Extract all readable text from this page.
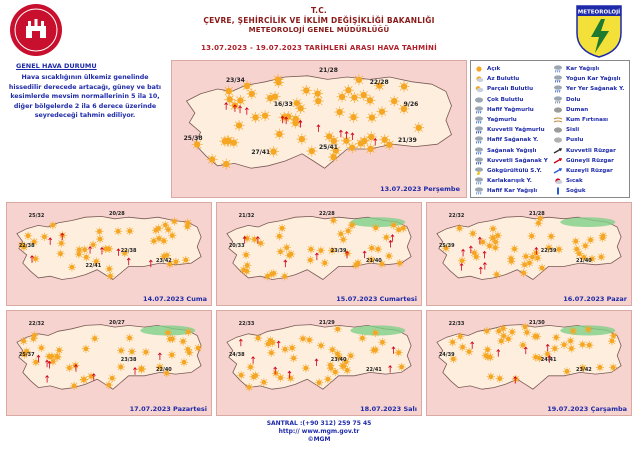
T.C.
ÇEVRE, ŞEHİRCİLİK VE İKLİM DEĞİŞİKLİĞİ BAKANLIĞI
METEOROLOJİ GENEL MÜDÜRLÜĞÜ
13.07.2023 - 19.07.2023 TARİHLERİ ARASI HAVA TAHMİNİ
METEOROLOJİ
GENEL HAVA DURUMU
Hava sıcaklığının ülkemiz genelinde hissedilir derecede artacağı, güney ve batı kesimlerde mevsim normallerinin 5 ila 10, diğer bölgelerde 2 ila 6 derece üzerinde seyredeceği tahmin ediliyor.
13.07.2023 Perşembe
23/34
21/28
22/28
16/33	9/26
25/38
27/41
25/41
21/39
Açık
Az Bulutlu
Parçalı Bulutlu
Çok Bulutlu
Hafif Yağmurlu
Yağmurlu
Kuvvetli Yağmurlu
Hafif Sağanak Y.
Sağanak Yağışlı
Kuvvetli Sağanak Y
Gökgürültülü S.Y.
Karlakarışık Y.
Hafif Kar Yağışlı
Kar Yağışlı
Yoğun Kar Yağışlı
Yer Yer Sağanak Y.
Dolu
Duman
Kum Fırtınası
Sisli
Puslu
Kuvvetli Rüzgar
Güneyli Rüzgar
Kuzeyli Rüzgar
Sıcak
Soğuk
14.07.2023 Cuma
25/32	20/28
22/38
22/38
23/42
22/41
15.07.2023 Cumartesi
21/32	22/28
20/33
23/39
21/40
16.07.2023 Pazar
22/32	21/28
25/39
22/39
21/40
17.07.2023 Pazartesi
22/32	20/27
25/37
23/38
22/40
18.07.2023 Salı
22/33	21/29
24/38
23/40
22/41
19.07.2023 Çarşamba
22/33	21/30
24/39
24/41
23/42
SANTRAL :(+90 312) 259 75 45
http:// www.mgm.gov.tr
©MGM
